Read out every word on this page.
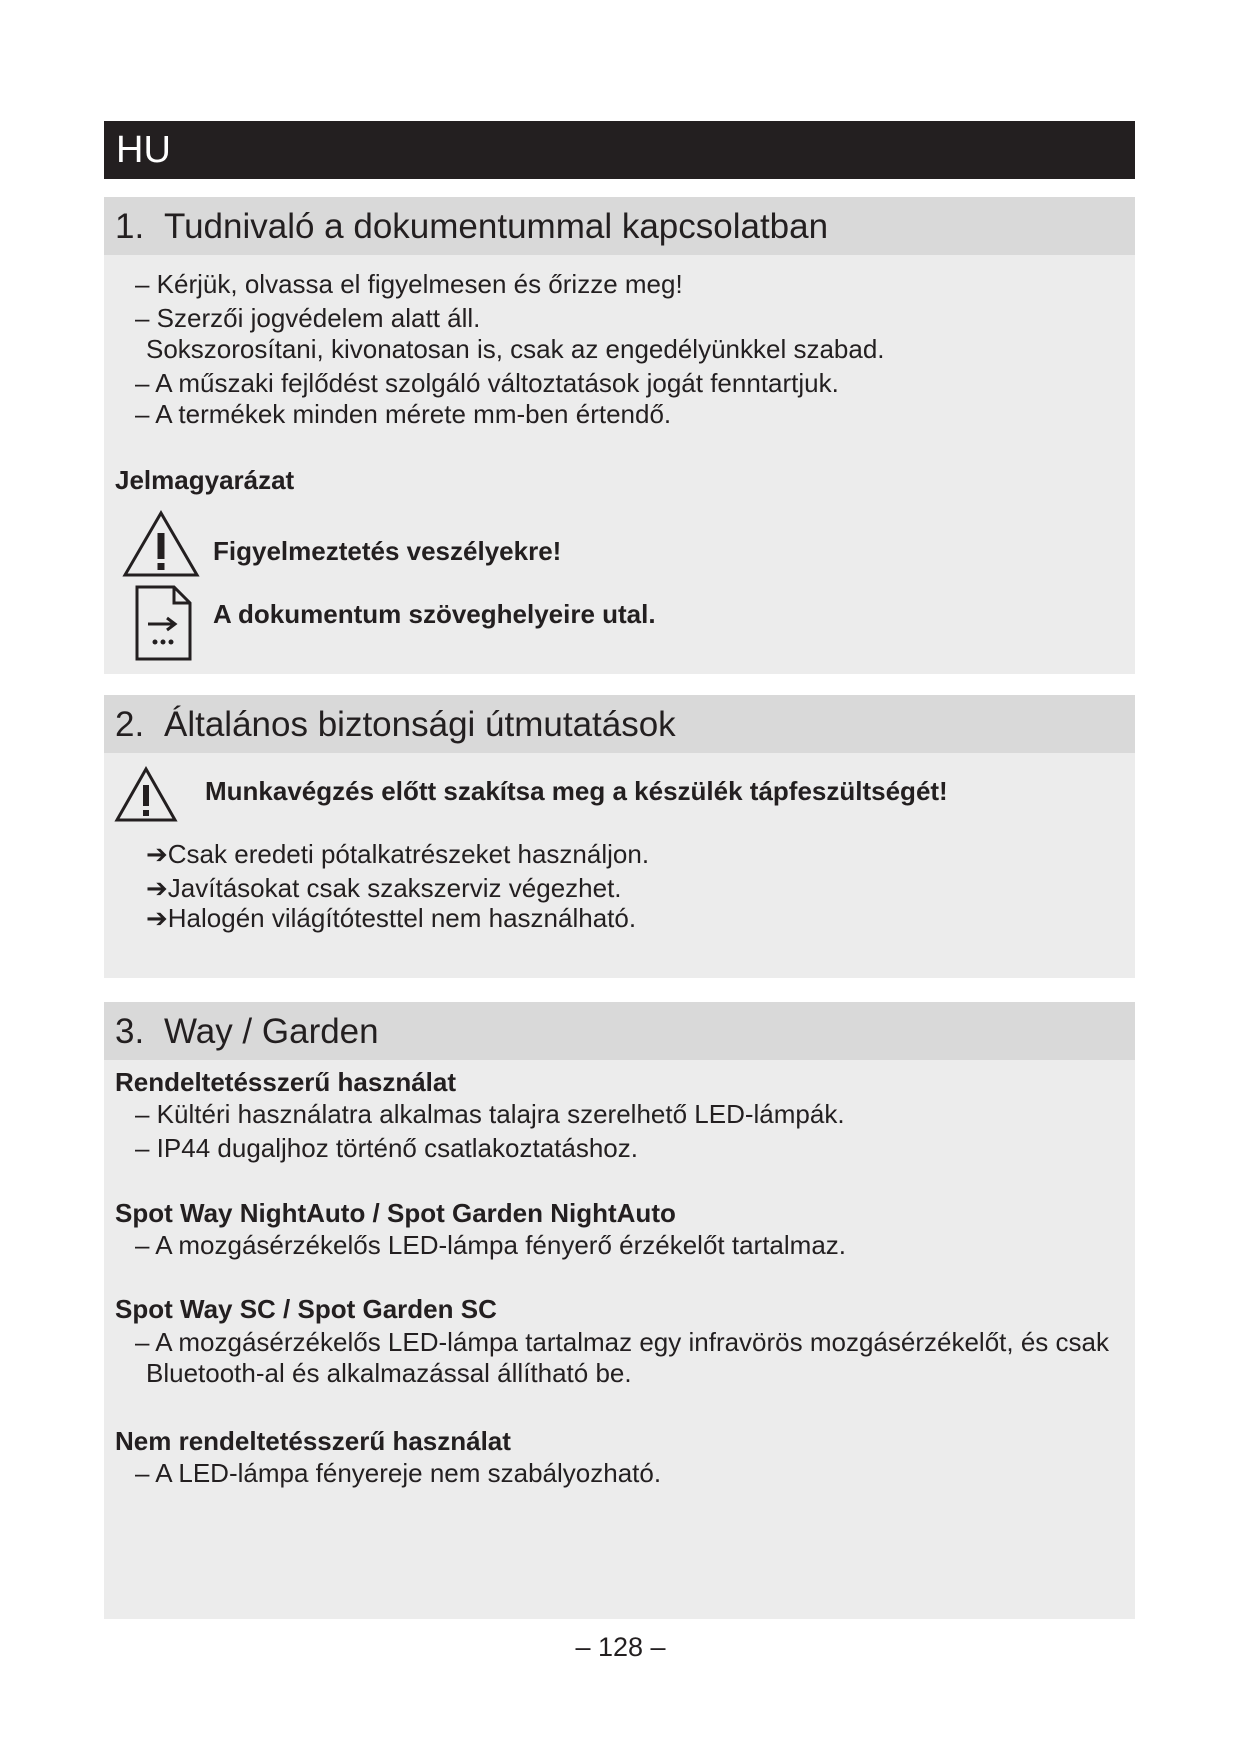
HU
1. Tudnivaló a dokumentummal kapcsolatban
– Kérjük, olvassa el figyelmesen és őrizze meg!
– Szerzői jogvédelem alatt áll.
Sokszorosítani, kivonatosan is, csak az engedélyünkkel szabad.
– A műszaki fejlődést szolgáló változtatások jogát fenntartjuk.
– A termékek minden mérete mm-ben értendő.
Jelmagyarázat
Figyelmeztetés veszélyekre!
A dokumentum szöveghelyeire utal.
2. Általános biztonsági útmutatások
Munkavégzés előtt szakítsa meg a készülék tápfeszültségét!
➔Csak eredeti pótalkatrészeket használjon.
➔Javításokat csak szakszerviz végezhet.
➔Halogén világítótesttel nem használható.
3. Way / Garden
Rendeltetésszerű használat
– Kültéri használatra alkalmas talajra szerelhető LED-lámpák.
– IP44 dugaljhoz történő csatlakoztatáshoz.
Spot Way NightAuto / Spot Garden NightAuto
– A mozgásérzékelős LED-lámpa fényerő érzékelőt tartalmaz.
Spot Way SC / Spot Garden SC
– A mozgásérzékelős LED-lámpa tartalmaz egy infravörös mozgásérzékelőt, és csak
Bluetooth-al és alkalmazással állítható be.
Nem rendeltetésszerű használat
– A LED-lámpa fényereje nem szabályozható.
– 128 –
